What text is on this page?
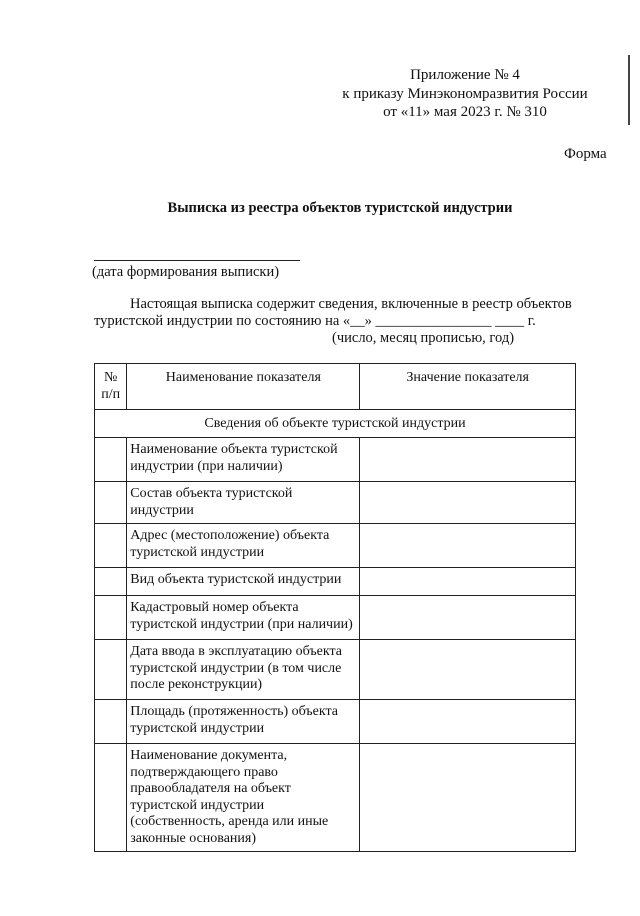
Приложение № 4
к приказу Минэкономразвития России
от «11» мая 2023 г. № 310
Форма
Выписка из реестра объектов туристской индустрии
(дата формирования выписки)
Настоящая выписка содержит сведения, включенные в реестр объектов
туристской индустрии по состоянию на «__» ________________ ____ г.
(число, месяц прописью, год)
№ п/п	Наименование показателя	Значение показателя
Сведения об объекте туристской индустрии		
	Наименование объекта туристской индустрии (при наличии)	
	Состав объекта туристской индустрии	
	Адрес (местоположение) объекта туристской индустрии	
	Вид объекта туристской индустрии	
	Кадастровый номер объекта туристской индустрии (при наличии)	
	Дата ввода в эксплуатацию объекта туристской индустрии (в том числе после реконструкции)	
	Площадь (протяженность) объекта туристской индустрии	
	Наименование документа, подтверждающего право правообладателя на объект туристской индустрии (собственность, аренда или иные законные основания)	
